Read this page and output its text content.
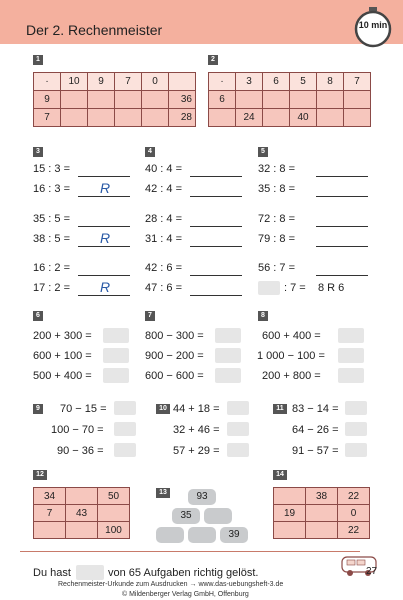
Der 2. Rechenmeister	10 min
1
·	10	9	7	0	
9					36
7					28
2
·	3	6	5	8	7
6					
	24		40		
3
15 : 3 =
16 : 3 = R
35 : 5 =
38 : 5 = R
16 : 2 =
17 : 2 = R
4
40 : 4 =
42 : 4 =
28 : 4 =
31 : 4 =
42 : 6 =
47 : 6 =
5
32 : 8 =
35 : 8 =
72 : 8 =
79 : 8 =
56 : 7 =
: 7 = 8 R 6
6
200 + 300 =
600 + 100 =
500 + 400 =
7
800 − 300 =
900 − 200 =
600 − 600 =
8
600 + 400 =
1 000 − 100 =
200 + 800 =
9 70 − 15 =
100 − 70 =
90 − 36 =
10 44 + 18 =
32 + 46 =
57 + 29 =
11 83 − 14 =
64 − 26 =
91 − 57 =
12
34		50
7	43	
		100
13	93
35
39
14
	38	22
19		0
		22
Du hast	von 65 Aufgaben richtig gelöst.	27
Rechenmeister-Urkunde zum Ausdrucken → www.das-uebungsheft-3.de
© Mildenberger Verlag GmbH, Offenburg
